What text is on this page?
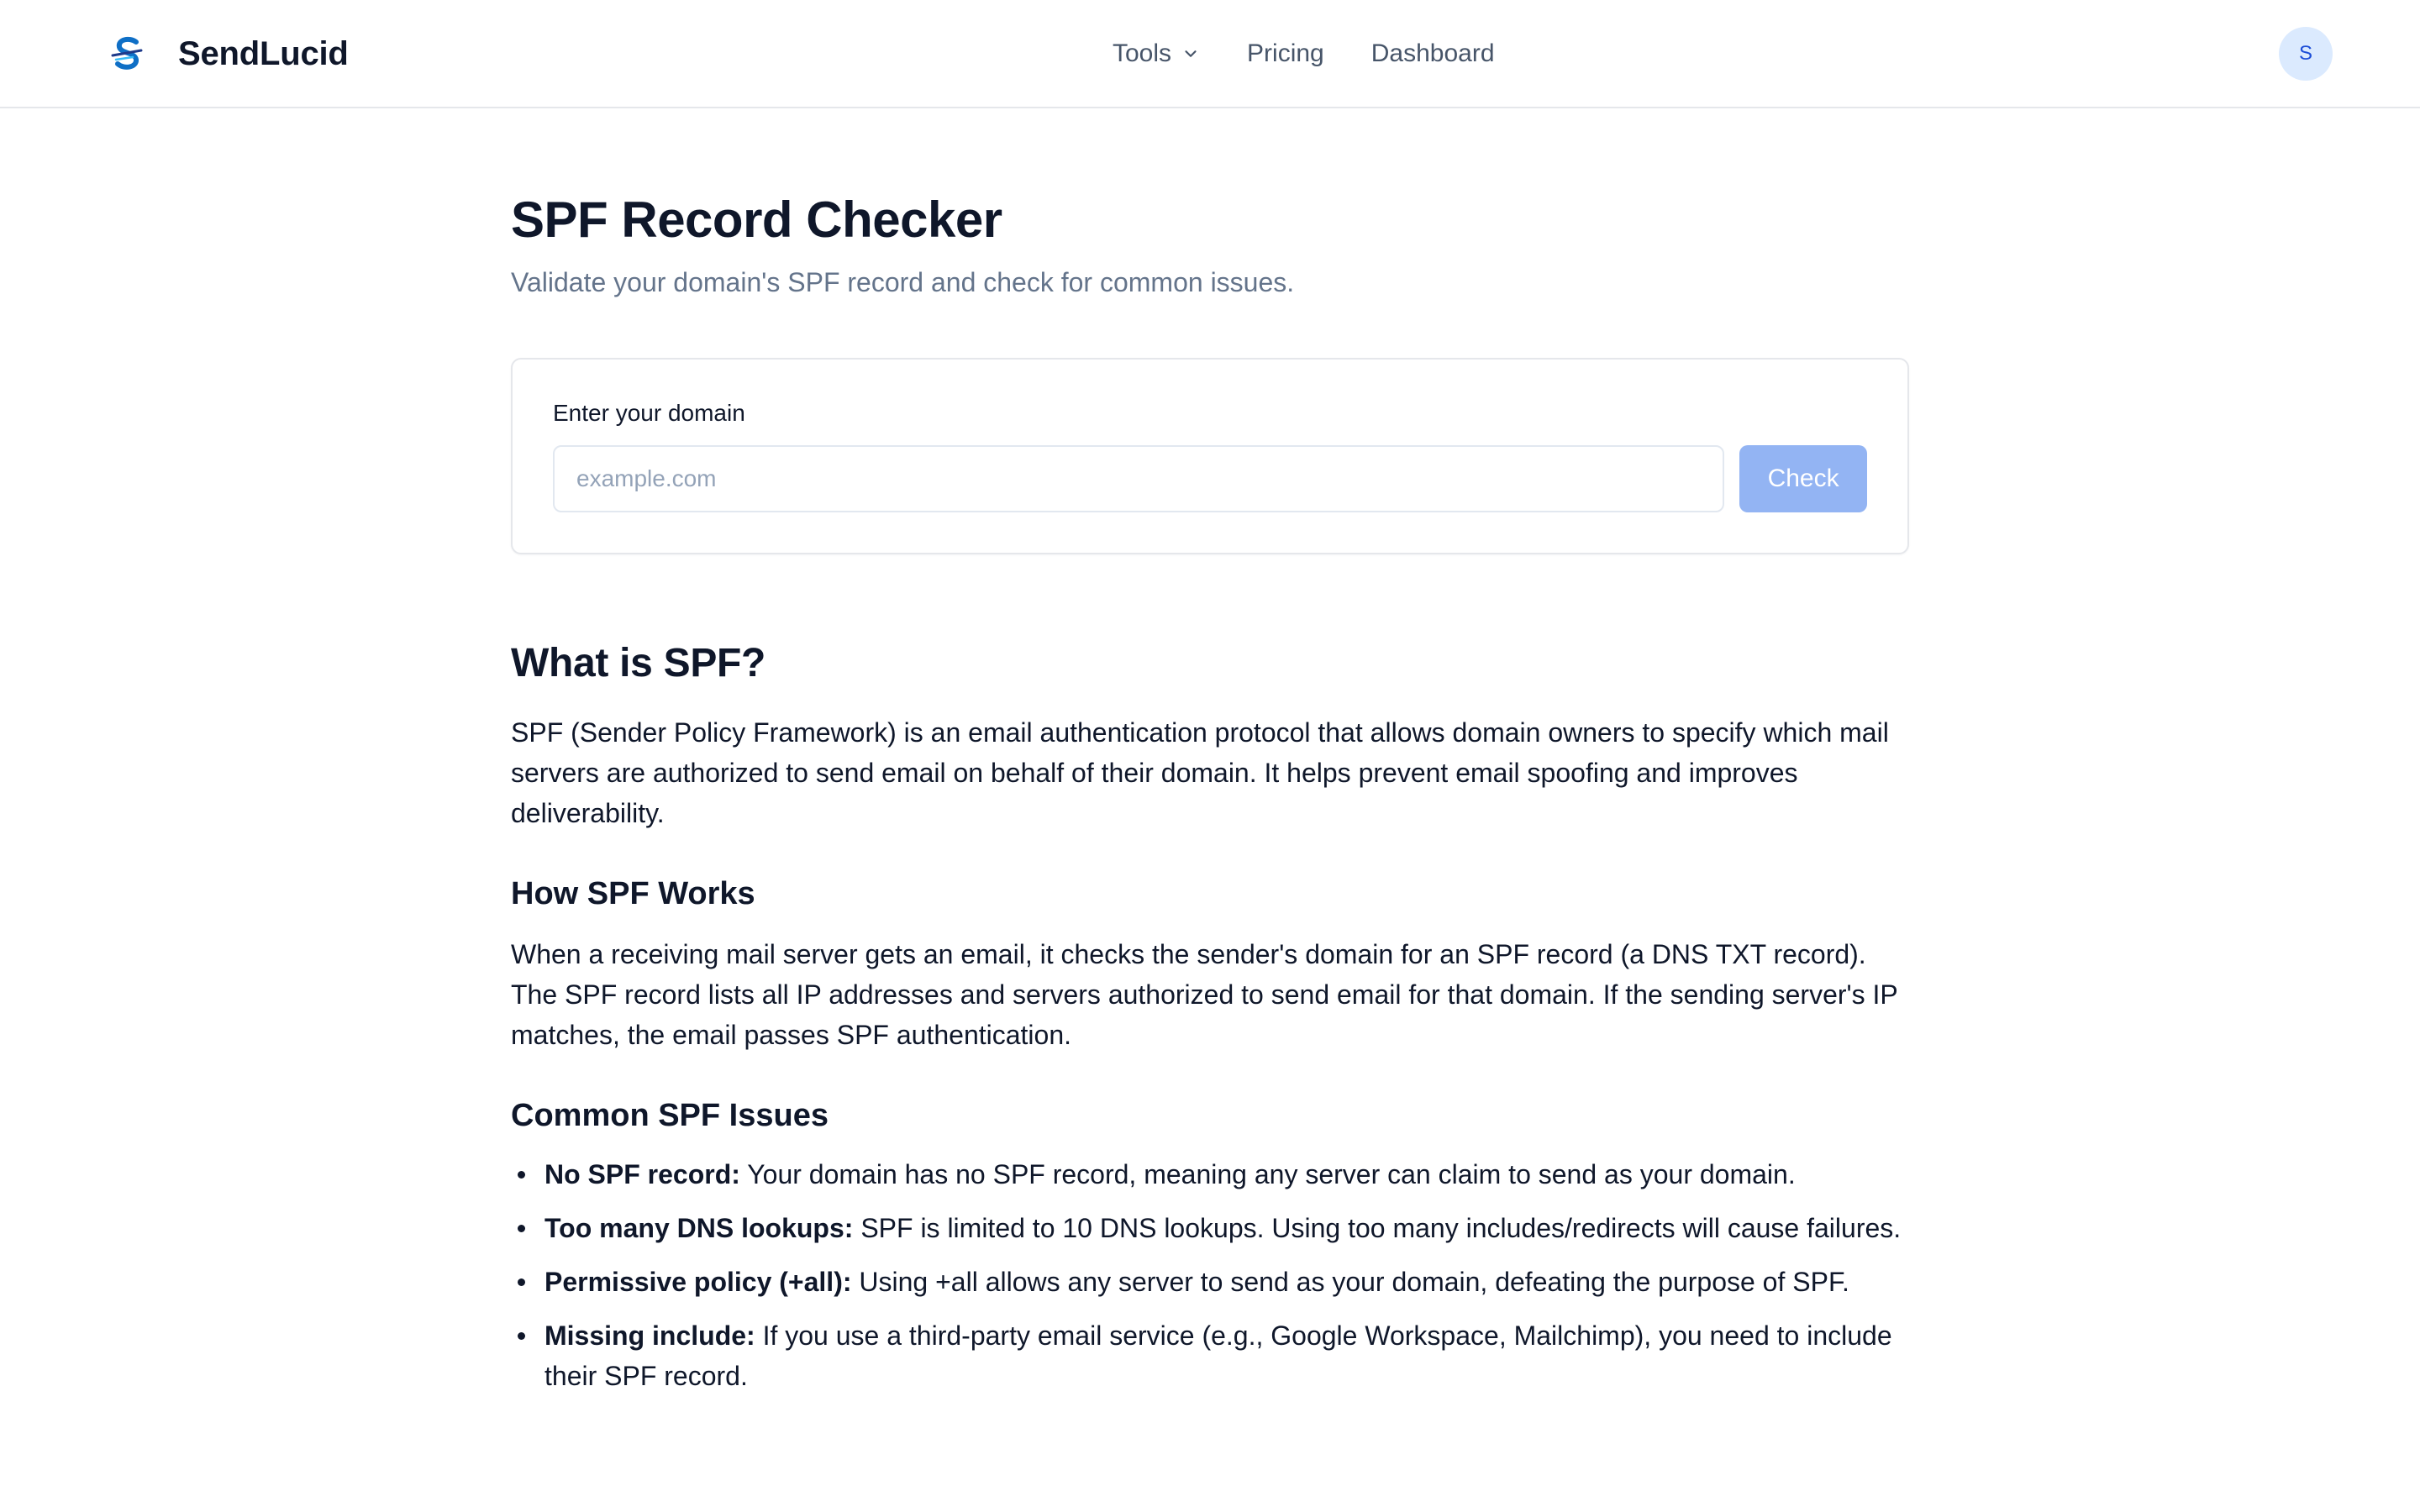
SendLucid	Tools	Pricing Dashboard	S
SPF Record Checker

Validate your domain's SPF record and check for common issues.

Enter your domain
example.com
Check
What is SPF?

SPF (Sender Policy Framework) is an email authentication protocol that allows domain owners to specify which mail servers are authorized to send email on behalf of their domain. It helps prevent email spoofing and improves deliverability.

How SPF Works

When a receiving mail server gets an email, it checks the sender's domain for an SPF record (a DNS TXT record). The SPF record lists all IP addresses and servers authorized to send email for that domain. If the sending server's IP matches, the email passes SPF authentication.

Common SPF Issues
No SPF record: Your domain has no SPF record, meaning any server can claim to send as your domain.
Too many DNS lookups: SPF is limited to 10 DNS lookups. Using too many includes/redirects will cause failures.
Permissive policy (+all): Using +all allows any server to send as your domain, defeating the purpose of SPF.
Missing include: If you use a third-party email service (e.g., Google Workspace, Mailchimp), you need to include their SPF record.
